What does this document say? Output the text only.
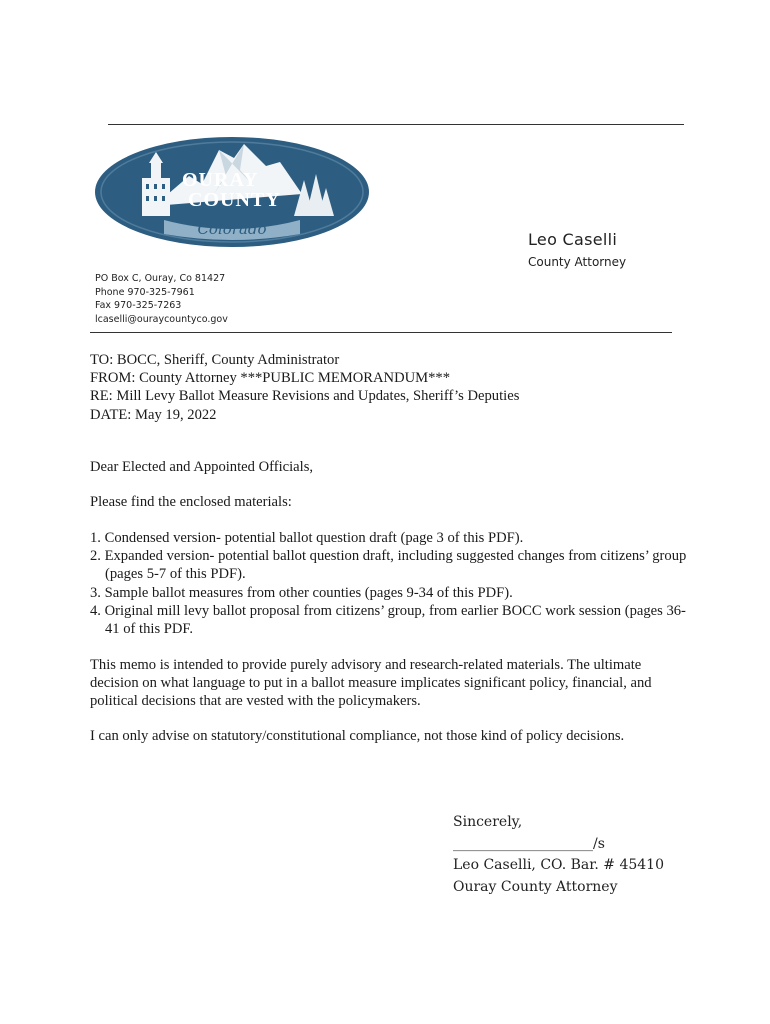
OURAY
COUNTY
Colorado
Leo Caselli
County Attorney
PO Box C, Ouray, Co 81427
Phone 970-325-7961
Fax 970-325-7263
lcaselli@ouraycountyco.gov
TO: BOCC, Sheriff, County Administrator
FROM: County Attorney ***PUBLIC MEMORANDUM***
RE: Mill Levy Ballot Measure Revisions and Updates, Sheriff’s Deputies
DATE: May 19, 2022
Dear Elected and Appointed Officials,
Please find the enclosed materials:
1. Condensed version- potential ballot question draft (page 3 of this PDF).
2. Expanded version- potential ballot question draft, including suggested changes from citizens’ group (pages 5-7 of this PDF).
3. Sample ballot measures from other counties (pages 9-34 of this PDF).
4. Original mill levy ballot proposal from citizens’ group, from earlier BOCC work session (pages 36-41 of this PDF.
This memo is intended to provide purely advisory and research-related materials. The ultimate decision on what language to put in a ballot measure implicates significant policy, financial, and political decisions that are vested with the policymakers.
I can only advise on statutory/constitutional compliance, not those kind of policy decisions.
Sincerely,
____________________/s
Leo Caselli, CO. Bar. # 45410
Ouray County Attorney
